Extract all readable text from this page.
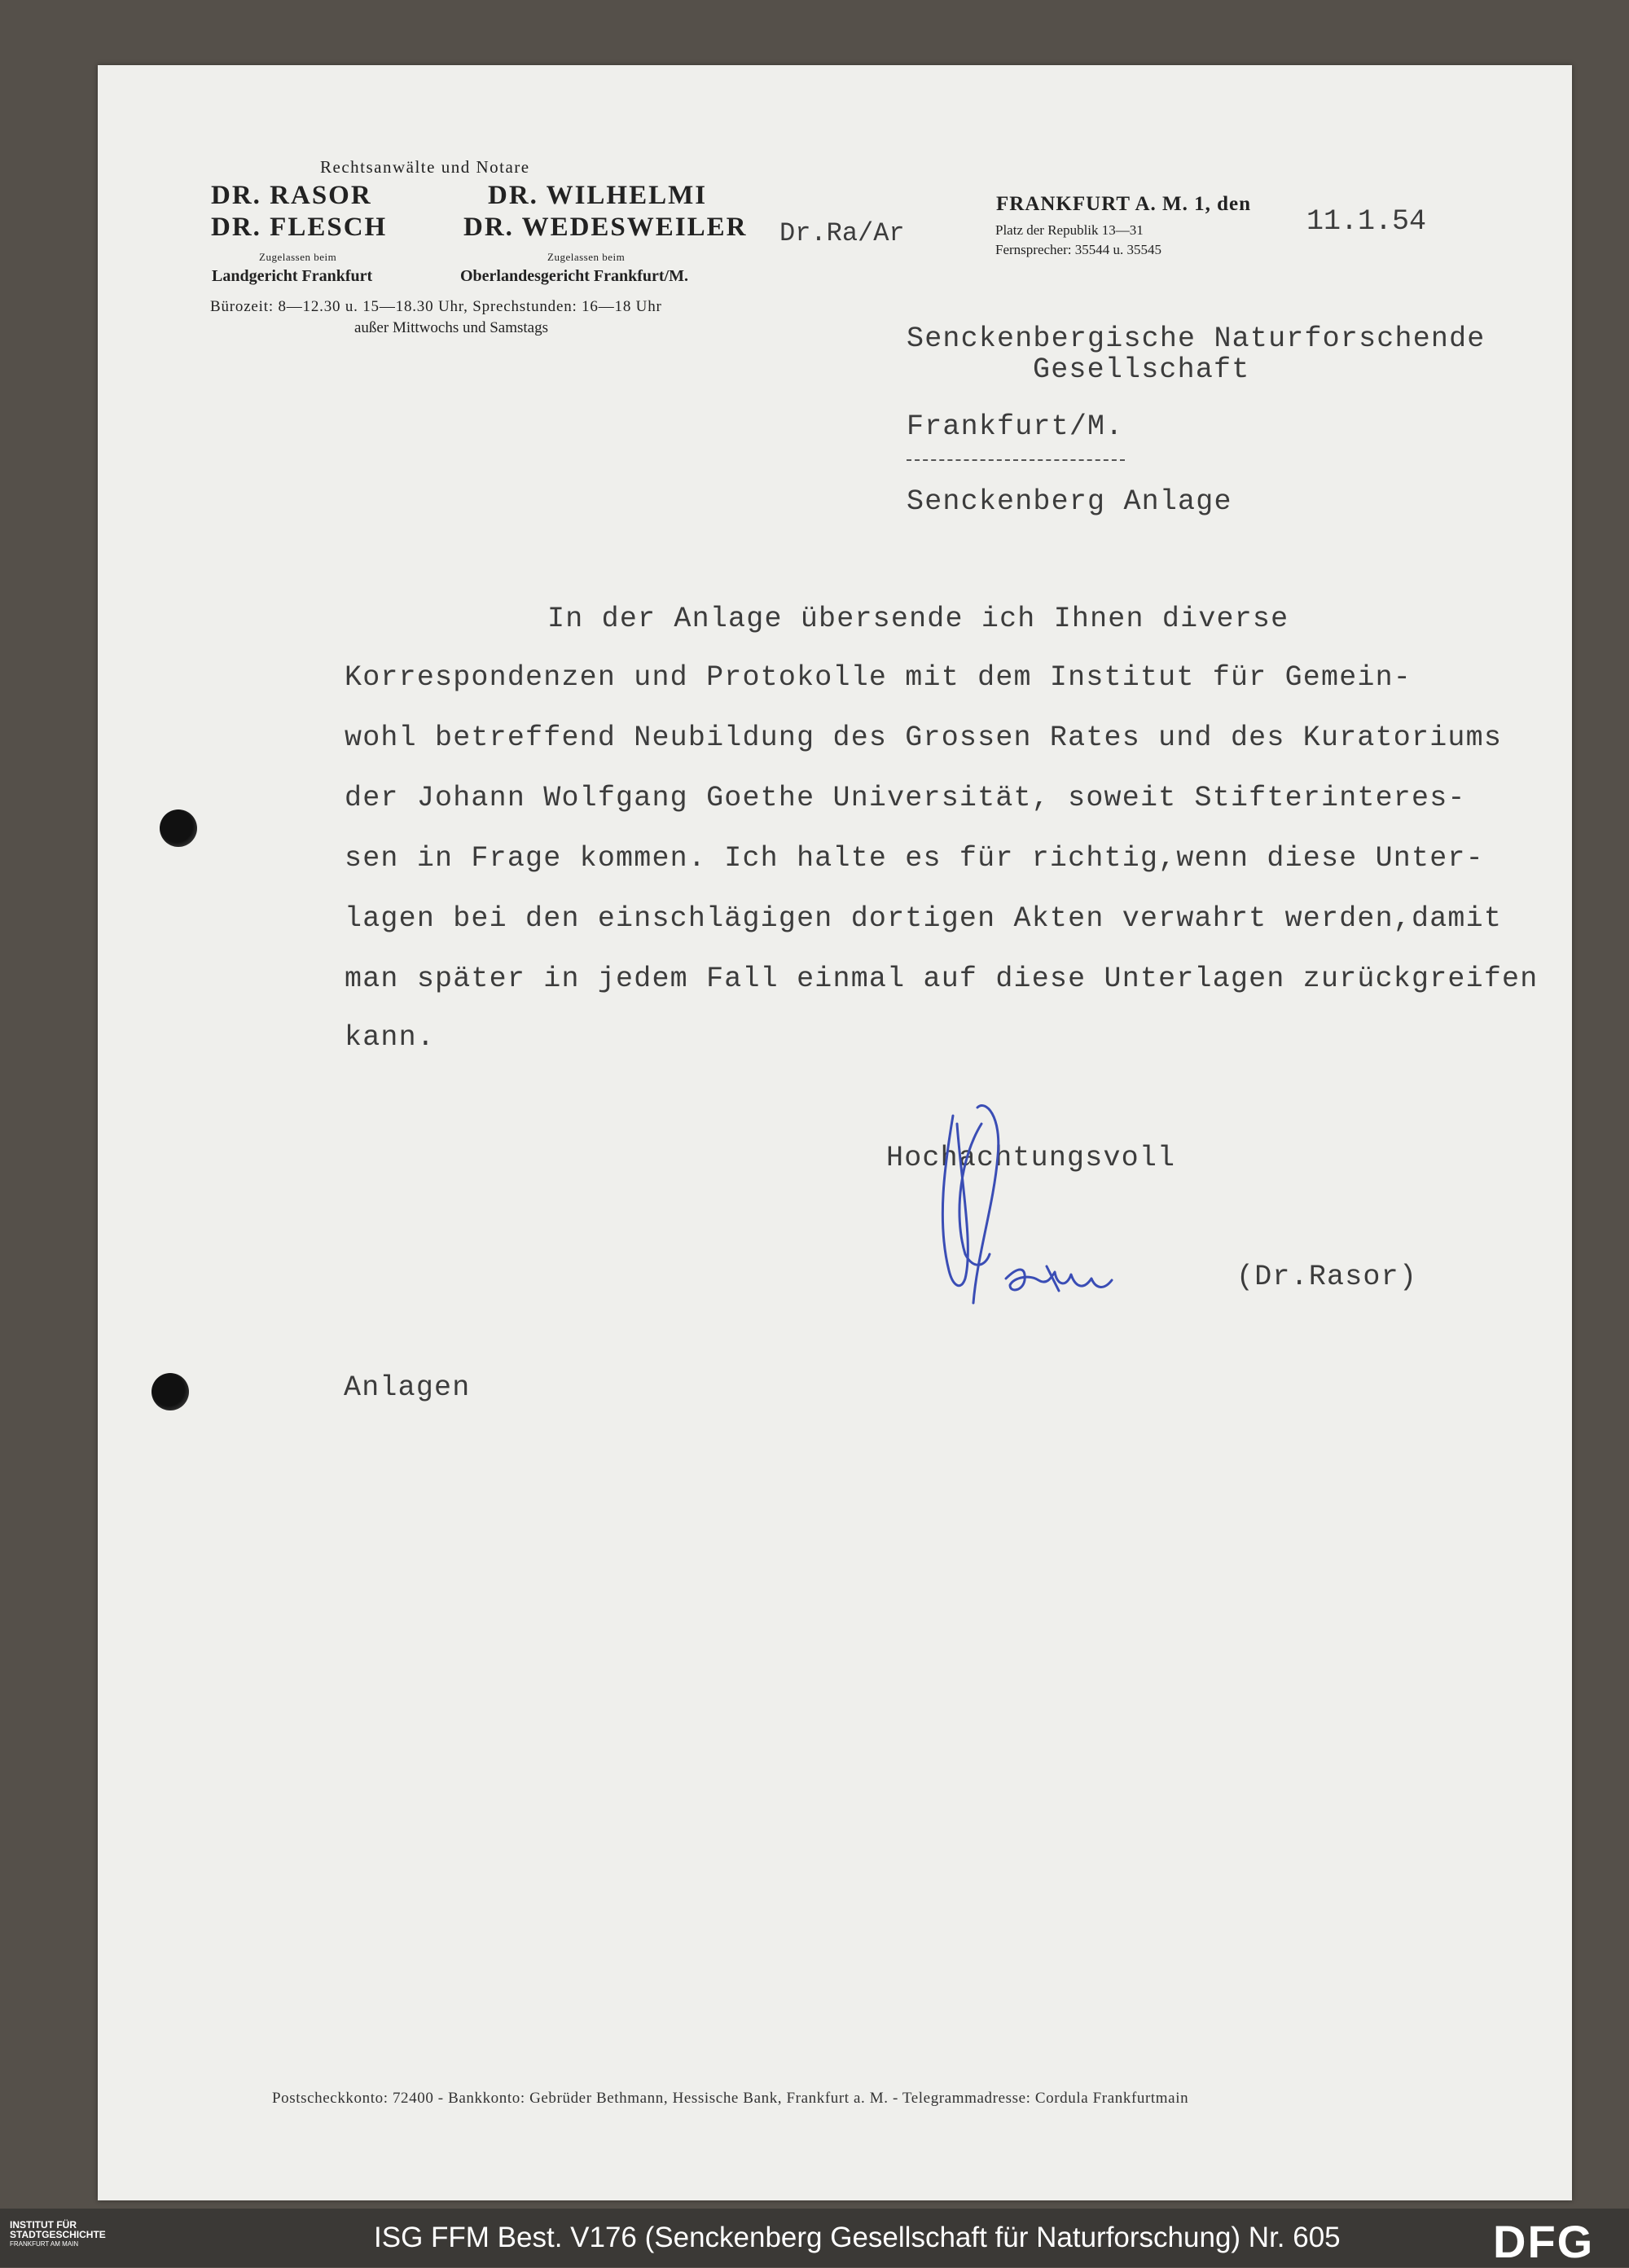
Rechtsanwälte und Notare
DR. RASOR
DR. FLESCH
DR. WILHELMI
DR. WEDESWEILER
Zugelassen beim
Landgericht Frankfurt
Zugelassen beim
Oberlandesgericht Frankfurt/M.
Bürozeit: 8—12.30 u. 15—18.30 Uhr, Sprechstunden: 16—18 Uhr
außer Mittwochs und Samstags
Dr.Ra/Ar
FRANKFURT A. M. 1, den
Platz der Republik 13—31
Fernsprecher: 35544 u. 35545
11.1.54
Senckenbergische Naturforschende
Gesellschaft
Frankfurt/M.
Senckenberg Anlage
In der Anlage übersende ich Ihnen diverse
Korrespondenzen und Protokolle mit dem Institut für Gemein-
wohl betreffend Neubildung des Grossen Rates und des Kuratoriums
der Johann Wolfgang Goethe Universität, soweit Stifterinteres-
sen in Frage kommen. Ich halte es für richtig,wenn diese Unter-
lagen bei den einschlägigen dortigen Akten verwahrt werden,damit
man später in jedem Fall einmal auf diese Unterlagen zurückgreifen
kann.
Hochachtungsvoll
(Dr.Rasor)
Anlagen
Postscheckkonto: 72400 - Bankkonto: Gebrüder Bethmann, Hessische Bank, Frankfurt a. M. - Telegrammadresse: Cordula Frankfurtmain
INSTITUT FÜR
STADTGESCHICHTE
FRANKFURT AM MAIN	ISG FFM Best. V176 (Senckenberg Gesellschaft für Naturforschung) Nr. 605	DFG
